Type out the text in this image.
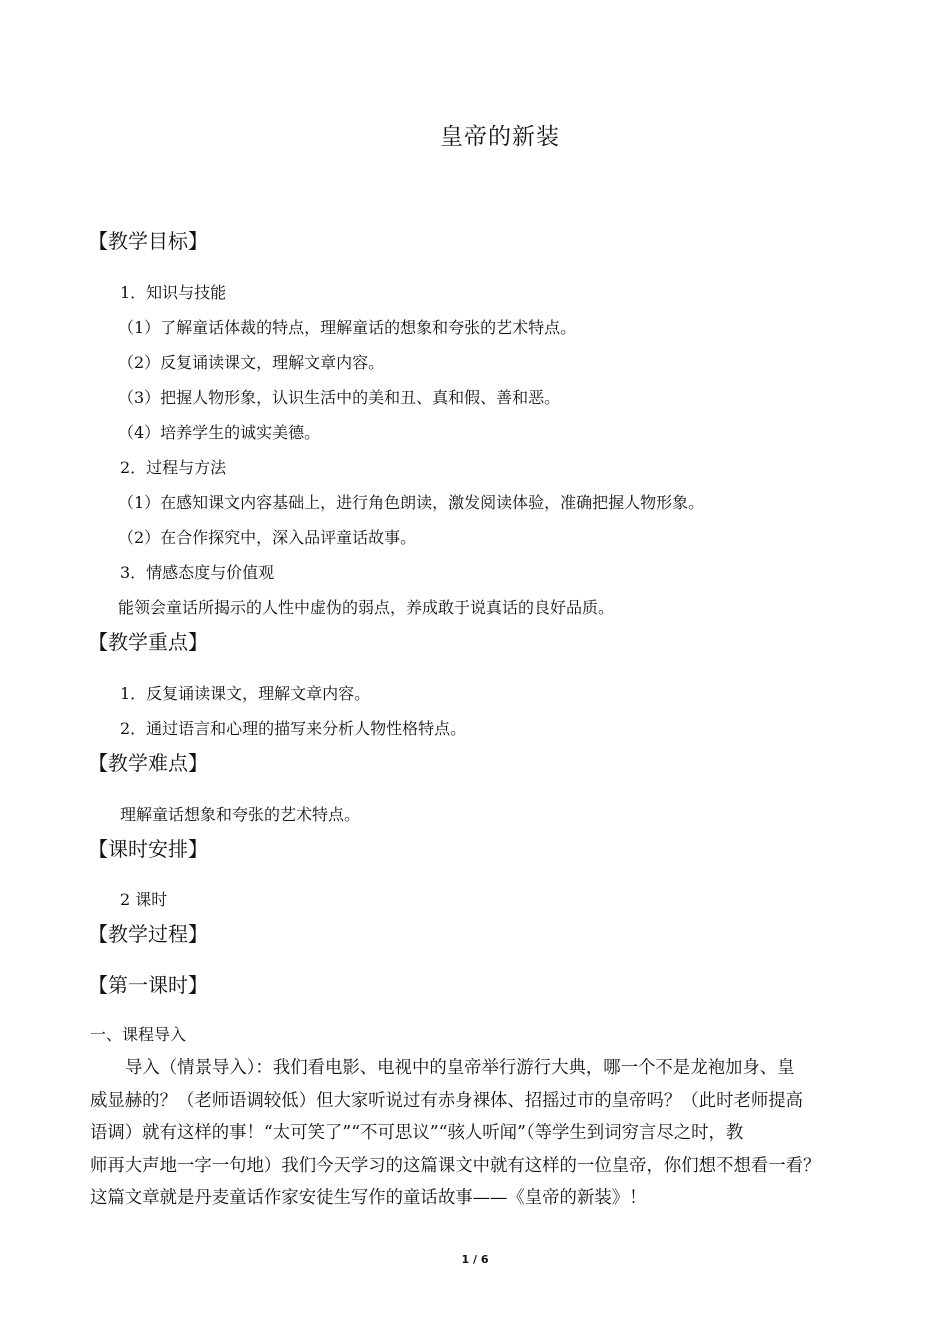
皇帝的新装
【教学目标】
1．知识与技能
（1）了解童话体裁的特点，理解童话的想象和夸张的艺术特点。
（2）反复诵读课文，理解文章内容。
（3）把握人物形象，认识生活中的美和丑、真和假、善和恶。
（4）培养学生的诚实美德。
2．过程与方法
（1）在感知课文内容基础上，进行角色朗读，激发阅读体验，准确把握人物形象。
（2）在合作探究中，深入品评童话故事。
3．情感态度与价值观
能领会童话所揭示的人性中虚伪的弱点，养成敢于说真话的良好品质。
【教学重点】
1．反复诵读课文，理解文章内容。
2．通过语言和心理的描写来分析人物性格特点。
【教学难点】
理解童话想象和夸张的艺术特点。
【课时安排】
2 课时
【教学过程】
【第一课时】
一、课程导入
导入（情景导入）：我们看电影、电视中的皇帝举行游行大典，哪一个不是龙袍加身、皇
威显赫的？（老师语调较低）但大家听说过有赤身裸体、招摇过市的皇帝吗？（此时老师提高
语调）就有这样的事！“太可笑了”“不可思议”“骇人听闻”（等学生到词穷言尽之时，教
师再大声地一字一句地）我们今天学习的这篇课文中就有这样的一位皇帝，你们想不想看一看？
这篇文章就是丹麦童话作家安徒生写作的童话故事——《皇帝的新装》！
1 / 6
